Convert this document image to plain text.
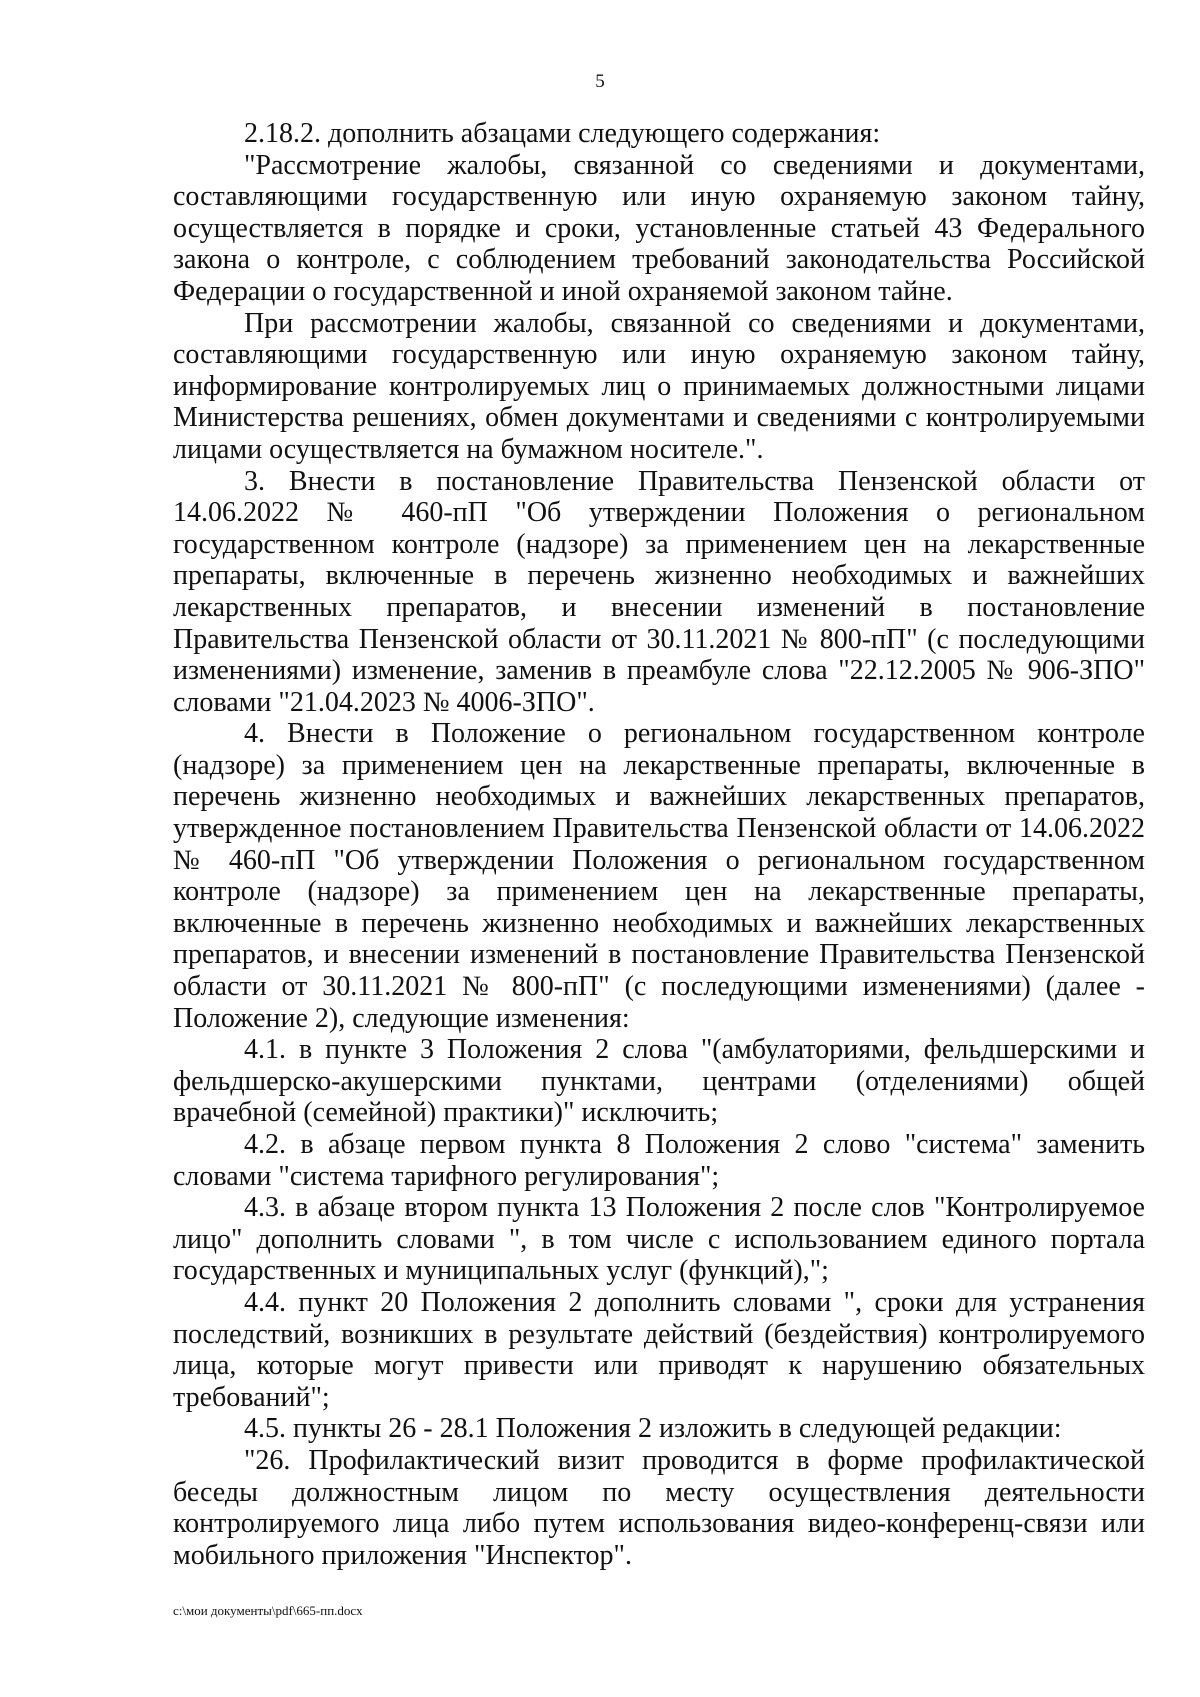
5

2.18.2. дополнить абзацами следующего содержания:

"Рассмотрение жалобы, связанной со сведениями и документами, составляющими государственную или иную охраняемую законом тайну, осуществляется в порядке и сроки, установленные статьей 43 Федерального закона о контроле, с соблюдением требований законодательства Российской Федерации о государственной и иной охраняемой законом тайне.

При рассмотрении жалобы, связанной со сведениями и документами, составляющими государственную или иную охраняемую законом тайну, информирование контролируемых лиц о принимаемых должностными лицами Министерства решениях, обмен документами и сведениями с контролируемыми лицами осуществляется на бумажном носителе.".

3. Внести в постановление Правительства Пензенской области от 14.06.2022 № 460-пП "Об утверждении Положения о региональном государственном контроле (надзоре) за применением цен на лекарственные препараты, включенные в перечень жизненно необходимых и важнейших лекарственных препаратов, и внесении изменений в постановление Правительства Пензенской области от 30.11.2021 № 800-пП" (с последующими изменениями) изменение, заменив в преамбуле слова "22.12.2005 № 906-ЗПО" словами "21.04.2023 № 4006-ЗПО".

4. Внести в Положение о региональном государственном контроле (надзоре) за применением цен на лекарственные препараты, включенные в перечень жизненно необходимых и важнейших лекарственных препаратов, утвержденное постановлением Правительства Пензенской области от 14.06.2022 № 460-пП "Об утверждении Положения о региональном государственном контроле (надзоре) за применением цен на лекарственные препараты, включенные в перечень жизненно необходимых и важнейших лекарственных препаратов, и внесении изменений в постановление Правительства Пензенской области от 30.11.2021 № 800-пП" (с последующими изменениями) (далее - Положение 2), следующие изменения:

4.1. в пункте 3 Положения 2 слова "(амбулаториями, фельдшерскими и фельдшерско-акушерскими пунктами, центрами (отделениями) общей врачебной (семейной) практики)" исключить;

4.2. в абзаце первом пункта 8 Положения 2 слово "система" заменить словами "система тарифного регулирования";

4.3. в абзаце втором пункта 13 Положения 2 после слов "Контролируемое лицо" дополнить словами ", в том числе с использованием единого портала государственных и муниципальных услуг (функций),";

4.4. пункт 20 Положения 2 дополнить словами ", сроки для устранения последствий, возникших в результате действий (бездействия) контролируемого лица, которые могут привести или приводят к нарушению обязательных требований";

4.5. пункты 26 - 28.1 Положения 2 изложить в следующей редакции:

"26. Профилактический визит проводится в форме профилактической беседы должностным лицом по месту осуществления деятельности контролируемого лица либо путем использования видео-конференц-связи или мобильного приложения "Инспектор".

c:\мои документы\pdf\665-пп.docx
